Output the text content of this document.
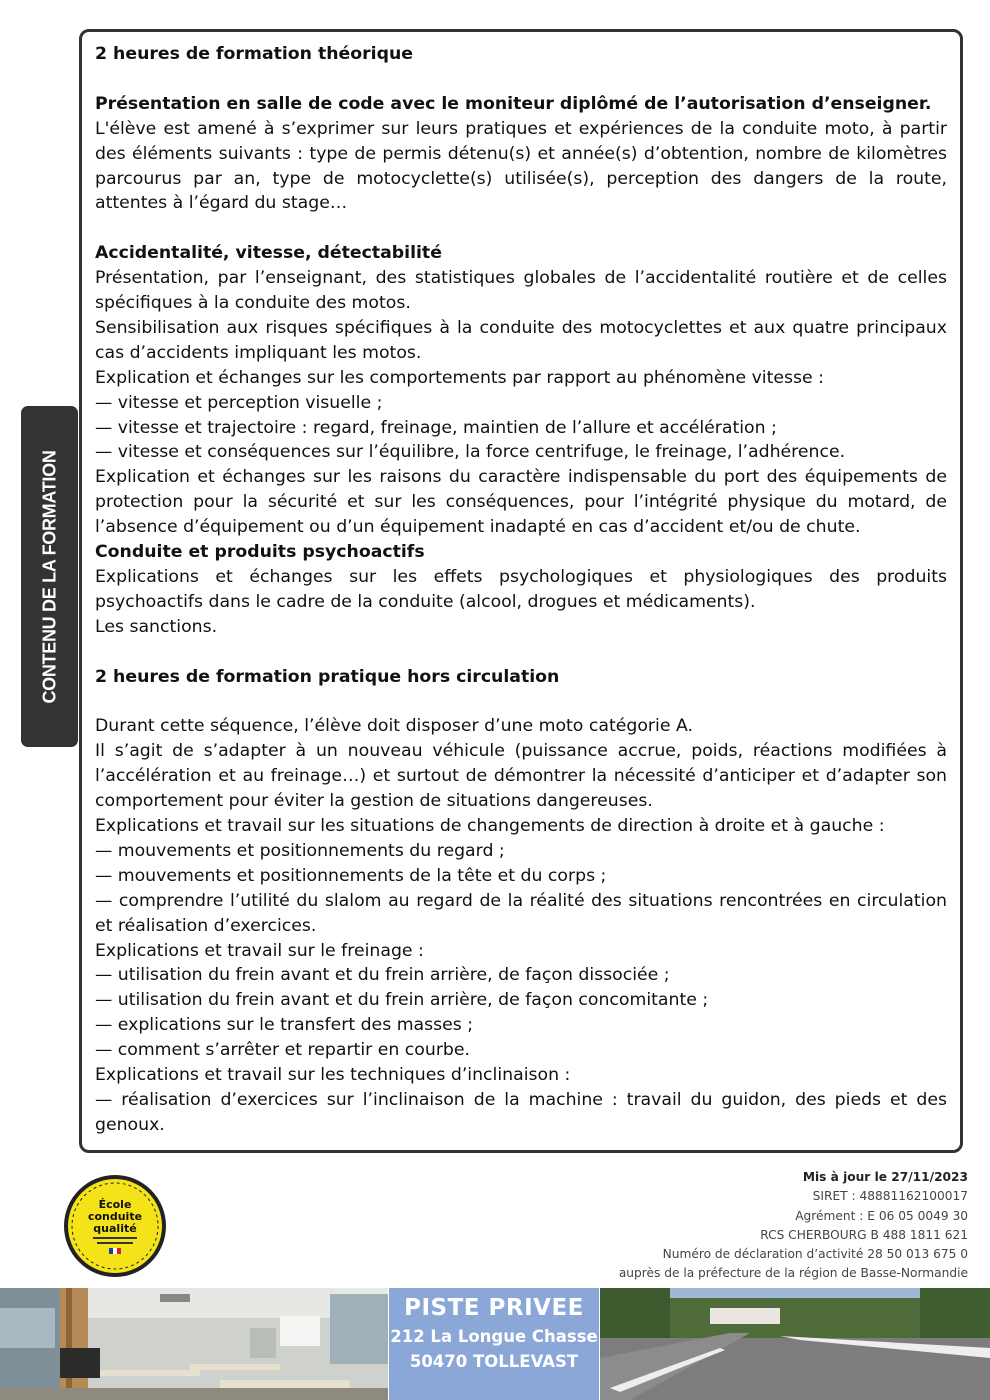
2 heures de formation théorique

Présentation en salle de code avec le moniteur diplômé de l’autorisation d’enseigner.

L'élève est amené à s’exprimer sur leurs pratiques et expériences de la conduite moto, à partir des éléments suivants : type de permis détenu(s) et année(s) d’obtention, nombre de kilomètres parcourus par an, type de motocyclette(s) utilisée(s), perception des dangers de la route, attentes à l’égard du stage…

Accidentalité, vitesse, détectabilité

Présentation, par l’enseignant, des statistiques globales de l’accidentalité routière et de celles spécifiques à la conduite des motos.

Sensibilisation aux risques spécifiques à la conduite des motocyclettes et aux quatre principaux cas d’accidents impliquant les motos.

Explication et échanges sur les comportements par rapport au phénomène vitesse :

— vitesse et perception visuelle ;

— vitesse et trajectoire : regard, freinage, maintien de l’allure et accélération ;

— vitesse et conséquences sur l’équilibre, la force centrifuge, le freinage, l’adhérence.

Explication et échanges sur les raisons du caractère indispensable du port des équipements de protection pour la sécurité et sur les conséquences, pour l’intégrité physique du motard, de l’absence d’équipement ou d’un équipement inadapté en cas d’accident et/ou de chute.

Conduite et produits psychoactifs

Explications et échanges sur les effets psychologiques et physiologiques des produits psychoactifs dans le cadre de la conduite (alcool, drogues et médicaments).

Les sanctions.

2 heures de formation pratique hors circulation

Durant cette séquence, l’élève doit disposer d’une moto catégorie A.

Il s’agit de s’adapter à un nouveau véhicule (puissance accrue, poids, réactions modifiées à l’accélération et au freinage…) et surtout de démontrer la nécessité d’anticiper et d’adapter son comportement pour éviter la gestion de situations dangereuses.

Explications et travail sur les situations de changements de direction à droite et à gauche :

— mouvements et positionnements du regard ;

— mouvements et positionnements de la tête et du corps ;

— comprendre l’utilité du slalom au regard de la réalité des situations rencontrées en circulation et réalisation d’exercices.

Explications et travail sur le freinage :

— utilisation du frein avant et du frein arrière, de façon dissociée ;

— utilisation du frein avant et du frein arrière, de façon concomitante ;

— explications sur le transfert des masses ;

— comment s’arrêter et repartir en courbe.

Explications et travail sur les techniques d’inclinaison :

— réalisation d’exercices sur l’inclinaison de la machine : travail du guidon, des pieds et des genoux.

CONTENU DE LA FORMATION
École
conduite
qualité
Mis à jour le 27/11/2023
SIRET : 48881162100017
Agrément : E 06 05 0049 30
RCS CHERBOURG B 488 1811 621
Numéro de déclaration d’activité 28 50 013 675 0
auprès de la préfecture de la région de Basse-Normandie
PISTE PRIVEE
212 La Longue Chasse
50470 TOLLEVAST
